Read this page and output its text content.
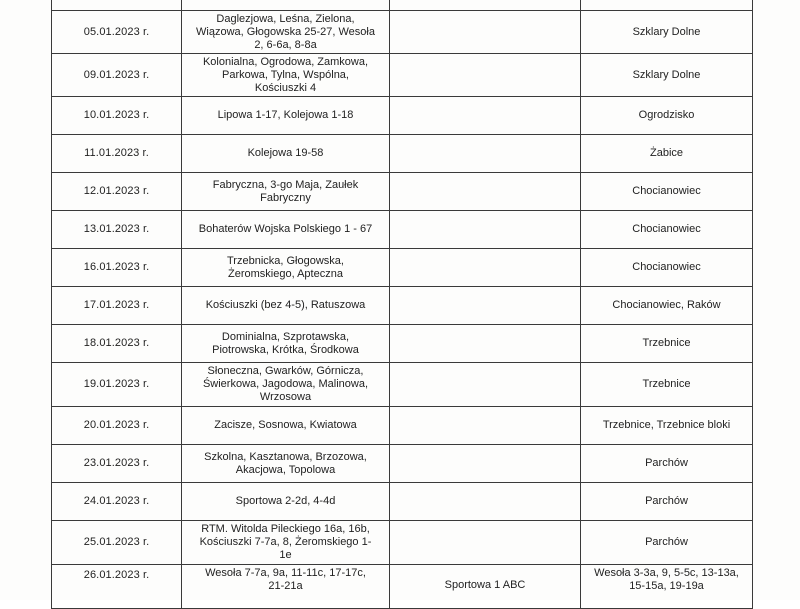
05.01.2023 r.	Daglezjowa, Leśna, Zielona,
Wiązowa, Głogowska 25-27, Wesoła
2, 6-6a, 8-8a		Szklary Dolne

09.01.2023 r.	Kolonialna, Ogrodowa, Zamkowa,
Parkowa, Tylna, Wspólna,
Kościuszki 4		Szklary Dolne

10.01.2023 r.	Lipowa 1-17, Kolejowa 1-18		Ogrodzisko

11.01.2023 r.	Kolejowa 19-58		Żabice

12.01.2023 r.	Fabryczna, 3-go Maja, Zaułek
Fabryczny		Chocianowiec

13.01.2023 r.	Bohaterów Wojska Polskiego 1 - 67		Chocianowiec

16.01.2023 r.	Trzebnicka, Głogowska,
Żeromskiego, Apteczna		Chocianowiec

17.01.2023 r.	Kościuszki (bez 4-5), Ratuszowa		Chocianowiec, Raków

18.01.2023 r.	Dominialna, Szprotawska,
Piotrowska, Krótka, Środkowa		Trzebnice

19.01.2023 r.	Słoneczna, Gwarków, Górnicza,
Świerkowa, Jagodowa, Malinowa,
Wrzosowa		Trzebnice

20.01.2023 r.	Zacisze, Sosnowa, Kwiatowa		Trzebnice, Trzebnice bloki

23.01.2023 r.	Szkolna, Kasztanowa, Brzozowa,
Akacjowa, Topolowa		Parchów

24.01.2023 r.	Sportowa 2-2d, 4-4d		Parchów

25.01.2023 r.	RTM. Witolda Pileckiego 16a, 16b,
Kościuszki 7-7a, 8, Żeromskiego 1-
1e		Parchów

26.01.2023 r.	Wesoła 7-7a, 9a, 11-11c, 17-17c,
21-21a	Sportowa 1 ABC	Wesoła 3-3a, 9, 5-5c, 13-13a,
15-15a, 19-19a
